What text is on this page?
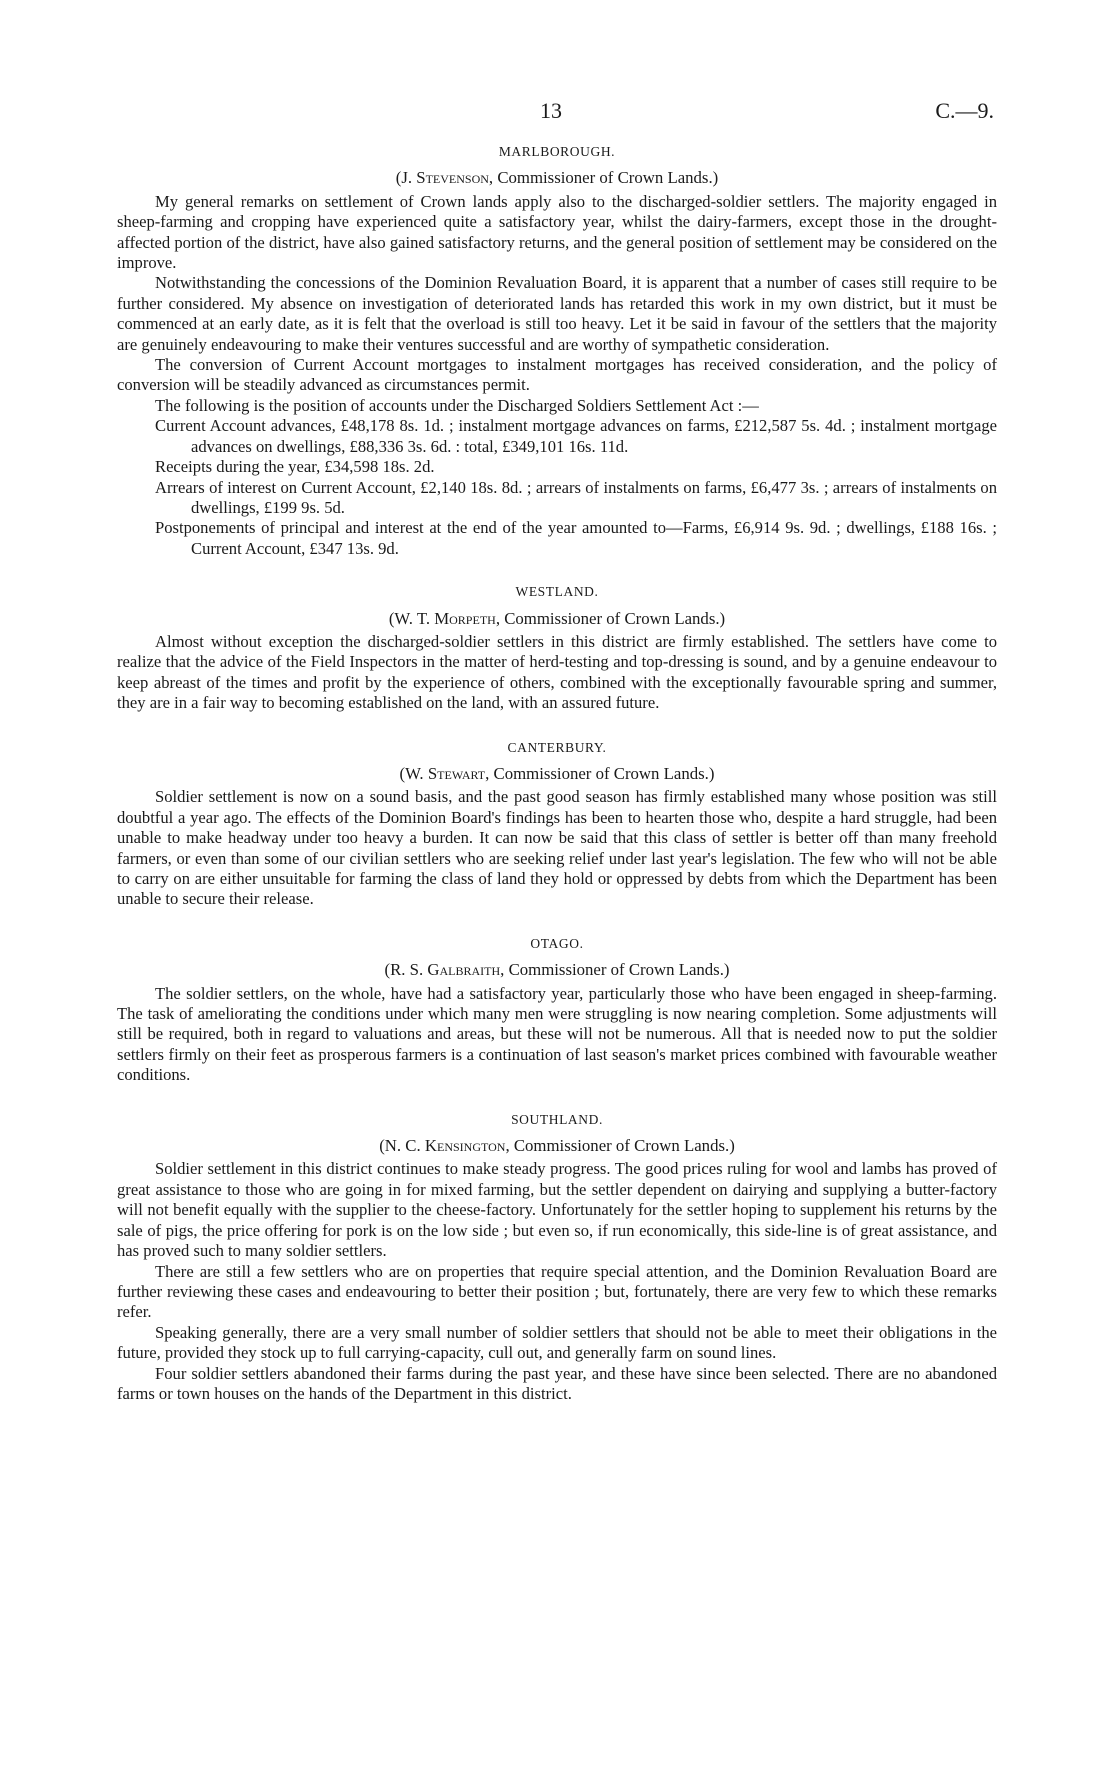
13	C.—9.
MARLBOROUGH.
(J. Stevenson, Commissioner of Crown Lands.)

My general remarks on settlement of Crown lands apply also to the discharged-soldier settlers. The majority engaged in sheep-farming and cropping have experienced quite a satisfactory year, whilst the dairy-farmers, except those in the drought-affected portion of the district, have also gained satisfactory returns, and the general position of settlement may be considered on the improve.

Notwithstanding the concessions of the Dominion Revaluation Board, it is apparent that a number of cases still require to be further considered. My absence on investigation of deteriorated lands has retarded this work in my own district, but it must be commenced at an early date, as it is felt that the overload is still too heavy. Let it be said in favour of the settlers that the majority are genuinely endeavouring to make their ventures successful and are worthy of sympathetic consideration.

The conversion of Current Account mortgages to instalment mortgages has received consideration, and the policy of conversion will be steadily advanced as circumstances permit.

The following is the position of accounts under the Discharged Soldiers Settlement Act :—

Current Account advances, £48,178 8s. 1d. ; instalment mortgage advances on farms, £212,587 5s. 4d. ; instalment mortgage advances on dwellings, £88,336 3s. 6d. : total, £349,101 16s. 11d.
Receipts during the year, £34,598 18s. 2d.
Arrears of interest on Current Account, £2,140 18s. 8d. ; arrears of instalments on farms, £6,477 3s. ; arrears of instalments on dwellings, £199 9s. 5d.
Postponements of principal and interest at the end of the year amounted to—Farms, £6,914 9s. 9d. ; dwellings, £188 16s. ; Current Account, £347 13s. 9d.
WESTLAND.
(W. T. Morpeth, Commissioner of Crown Lands.)

Almost without exception the discharged-soldier settlers in this district are firmly established. The settlers have come to realize that the advice of the Field Inspectors in the matter of herd-testing and top-dressing is sound, and by a genuine endeavour to keep abreast of the times and profit by the experience of others, combined with the exceptionally favourable spring and summer, they are in a fair way to becoming established on the land, with an assured future.

CANTERBURY.
(W. Stewart, Commissioner of Crown Lands.)

Soldier settlement is now on a sound basis, and the past good season has firmly established many whose position was still doubtful a year ago. The effects of the Dominion Board's findings has been to hearten those who, despite a hard struggle, had been unable to make headway under too heavy a burden. It can now be said that this class of settler is better off than many freehold farmers, or even than some of our civilian settlers who are seeking relief under last year's legislation. The few who will not be able to carry on are either unsuitable for farming the class of land they hold or oppressed by debts from which the Department has been unable to secure their release.

OTAGO.
(R. S. Galbraith, Commissioner of Crown Lands.)

The soldier settlers, on the whole, have had a satisfactory year, particularly those who have been engaged in sheep-farming. The task of ameliorating the conditions under which many men were struggling is now nearing completion. Some adjustments will still be required, both in regard to valuations and areas, but these will not be numerous. All that is needed now to put the soldier settlers firmly on their feet as prosperous farmers is a continuation of last season's market prices combined with favourable weather conditions.

SOUTHLAND.
(N. C. Kensington, Commissioner of Crown Lands.)

Soldier settlement in this district continues to make steady progress. The good prices ruling for wool and lambs has proved of great assistance to those who are going in for mixed farming, but the settler dependent on dairying and supplying a butter-factory will not benefit equally with the supplier to the cheese-factory. Unfortunately for the settler hoping to supplement his returns by the sale of pigs, the price offering for pork is on the low side ; but even so, if run economically, this side-line is of great assistance, and has proved such to many soldier settlers.

There are still a few settlers who are on properties that require special attention, and the Dominion Revaluation Board are further reviewing these cases and endeavouring to better their position ; but, fortunately, there are very few to which these remarks refer.

Speaking generally, there are a very small number of soldier settlers that should not be able to meet their obligations in the future, provided they stock up to full carrying-capacity, cull out, and generally farm on sound lines.

Four soldier settlers abandoned their farms during the past year, and these have since been selected. There are no abandoned farms or town houses on the hands of the Department in this district.
